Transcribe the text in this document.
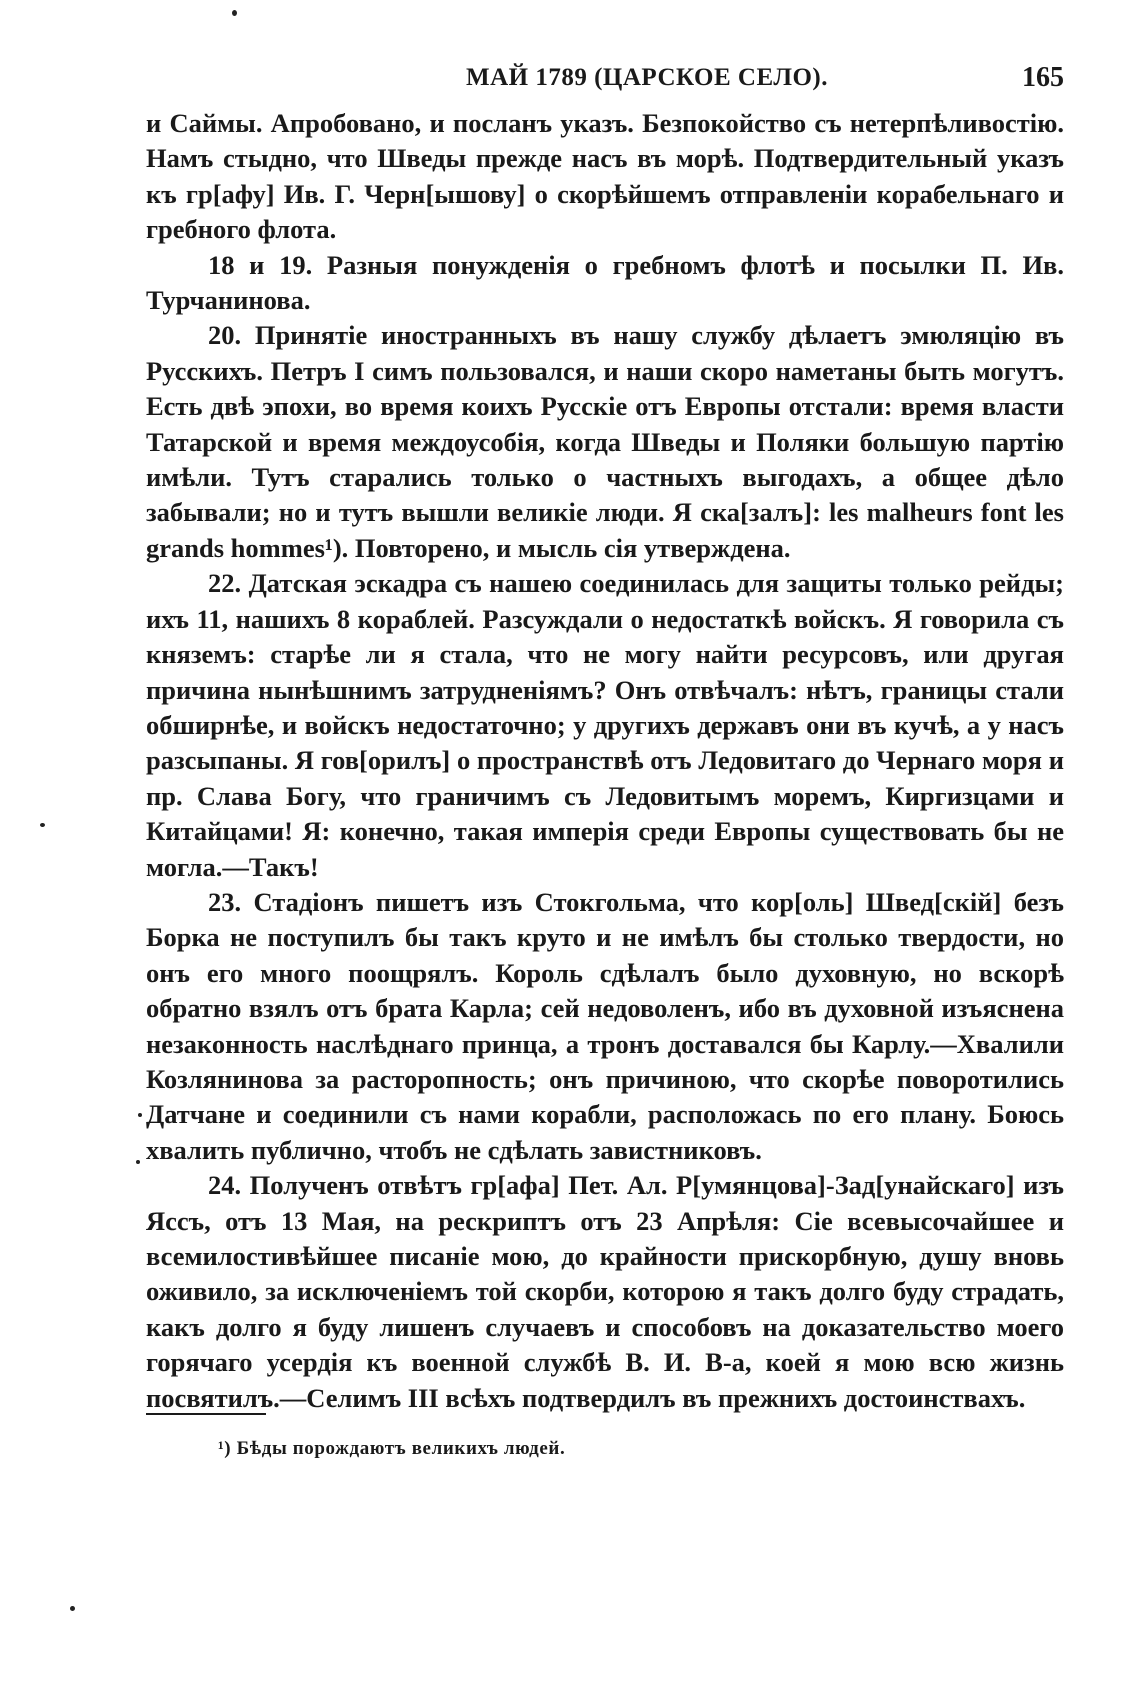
МАЙ 1789 (ЦАРСКОЕ СЕЛО).	165

и Саймы. Апробовано, и посланъ указъ. Безпокойство съ нетерпѣливостію. Намъ стыдно, что Шведы прежде насъ въ морѣ. Подтвердительный указъ къ гр[афу] Ив. Г. Черн[ышову] о скорѣйшемъ отправленіи корабельнаго и гребного флота.

18 и 19. Разныя понужденія о гребномъ флотѣ и посылки П. Ив. Турчанинова.

20. Принятіе иностранныхъ въ нашу службу дѣлаетъ эмюляцію въ Русскихъ. Петръ I симъ пользовался, и наши скоро наметаны быть могутъ. Есть двѣ эпохи, во время коихъ Русскіе отъ Европы отстали: время власти Татарской и время междоусобія, когда Шведы и Поляки большую партію имѣли. Тутъ старались только о частныхъ выгодахъ, а общее дѣло забывали; но и тутъ вышли великіе люди. Я ска[залъ]: les malheurs font les grands hommes¹). Повторено, и мысль сія утверждена.

22. Датская эскадра съ нашею соединилась для защиты только рейды; ихъ 11, нашихъ 8 кораблей. Разсуждали о недостаткѣ войскъ. Я говорила съ княземъ: старѣе ли я стала, что не могу найти ресурсовъ, или другая причина нынѣшнимъ затрудненіямъ? Онъ отвѣчалъ: нѣтъ, границы стали обширнѣе, и войскъ недостаточно; у другихъ державъ они въ кучѣ, а у насъ разсыпаны. Я гов[орилъ] о пространствѣ отъ Ледовитаго до Чернаго моря и пр. Слава Богу, что граничимъ съ Ледовитымъ моремъ, Киргизцами и Китайцами! Я: конечно, такая имперія среди Европы существовать бы не могла.—Такъ!

23. Стадіонъ пишетъ изъ Стокгольма, что кор[оль] Швед[скій] безъ Борка не поступилъ бы такъ круто и не имѣлъ бы столько твердости, но онъ его много поощрялъ. Король сдѣлалъ было духовную, но вскорѣ обратно взялъ отъ брата Карла; сей недоволенъ, ибо въ духовной изъяснена незаконность наслѣднаго принца, а тронъ доставался бы Карлу.—Хвалили Козлянинова за расторопность; онъ причиною, что скорѣе поворотились Датчане и соединили съ нами корабли, расположась по его плану. Боюсь хвалить публично, чтобъ не сдѣлать завистниковъ.

24. Полученъ отвѣтъ гр[афа] Пет. Ал. Р[умянцова]-Зад[унайскаго] изъ Яссъ, отъ 13 Мая, на рескриптъ отъ 23 Апрѣля: Сіе всевысочайшее и всемилостивѣйшее писаніе мою, до крайности прискорбную, душу вновь оживило, за исключеніемъ той скорби, которою я такъ долго буду страдать, какъ долго я буду лишенъ случаевъ и способовъ на доказательство моего горячаго усердія къ военной службѣ В. И. В-а, коей я мою всю жизнь посвятилъ.—Селимъ III всѣхъ подтвердилъ въ прежнихъ достоинствахъ.

¹) Бѣды порождаютъ великихъ людей.
